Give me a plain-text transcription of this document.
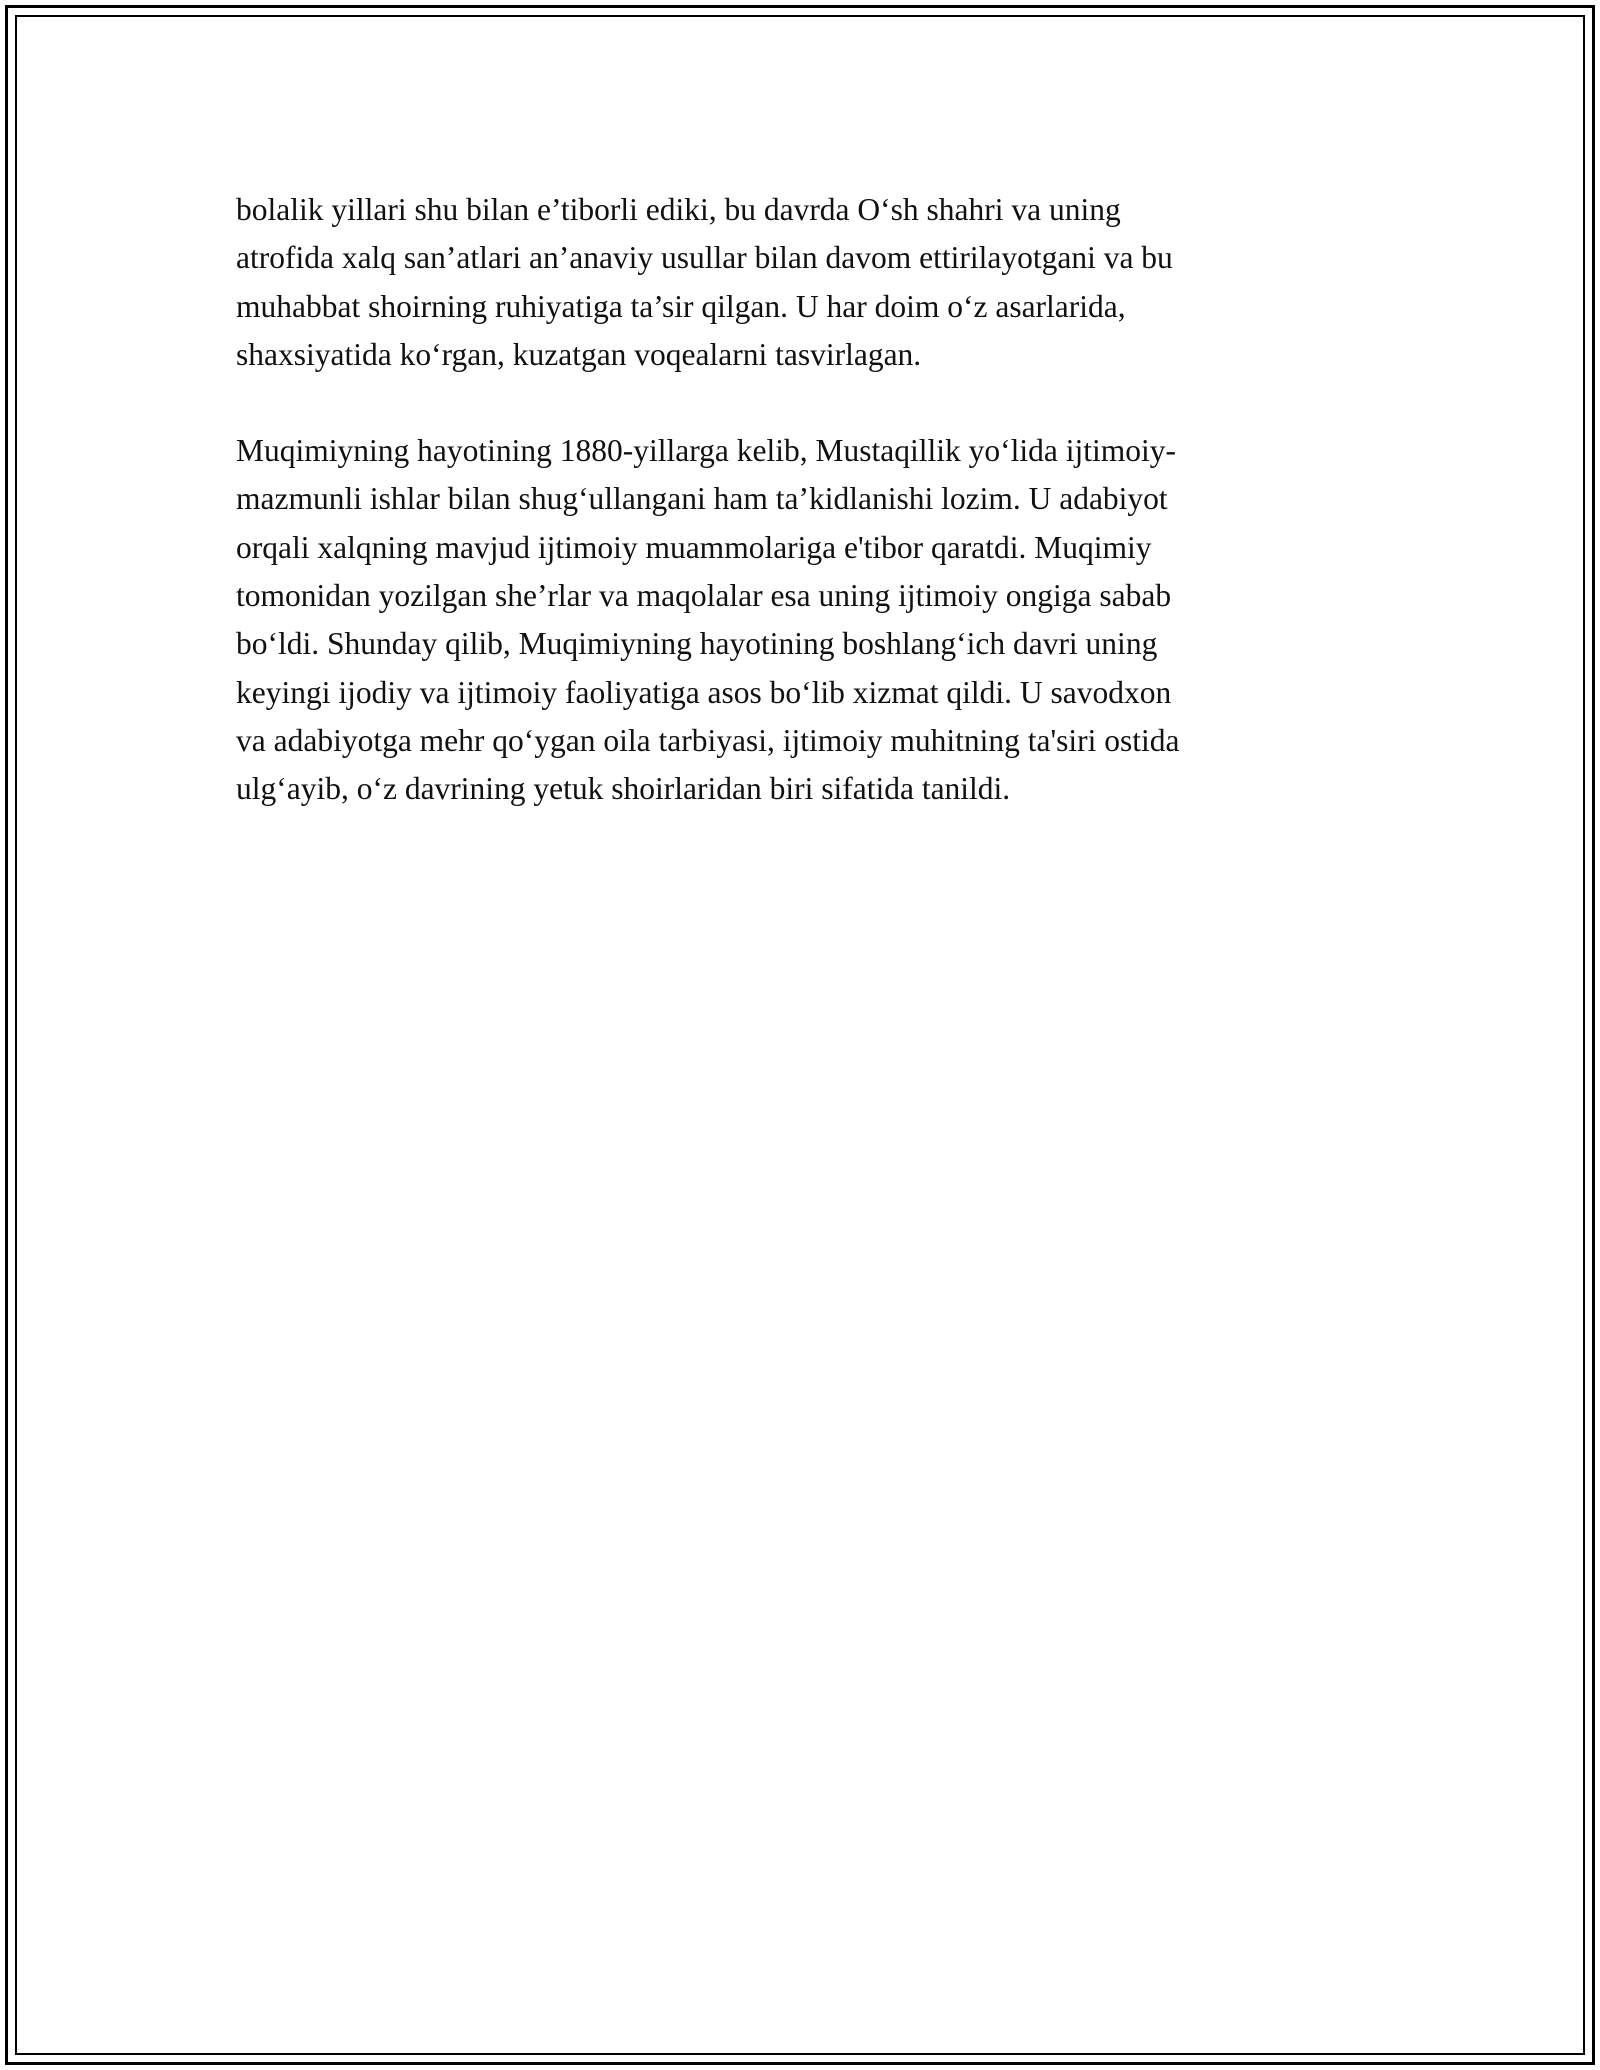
bolalik yillari shu bilan e’tiborli ediki, bu davrda O‘sh shahri va uning
atrofida xalq san’atlari an’anaviy usullar bilan davom ettirilayotgani va bu
muhabbat shoirning ruhiyatiga ta’sir qilgan. U har doim o‘z asarlarida,
shaxsiyatida ko‘rgan, kuzatgan voqealarni tasvirlagan.

Muqimiyning hayotining 1880-yillarga kelib, Mustaqillik yo‘lida ijtimoiy-
mazmunli ishlar bilan shug‘ullangani ham ta’kidlanishi lozim. U adabiyot
orqali xalqning mavjud ijtimoiy muammolariga e'tibor qaratdi. Muqimiy
tomonidan yozilgan she’rlar va maqolalar esa uning ijtimoiy ongiga sabab
bo‘ldi. Shunday qilib, Muqimiyning hayotining boshlang‘ich davri uning
keyingi ijodiy va ijtimoiy faoliyatiga asos bo‘lib xizmat qildi. U savodxon
va adabiyotga mehr qo‘ygan oila tarbiyasi, ijtimoiy muhitning ta'siri ostida
ulg‘ayib, o‘z davrining yetuk shoirlaridan biri sifatida tanildi.
